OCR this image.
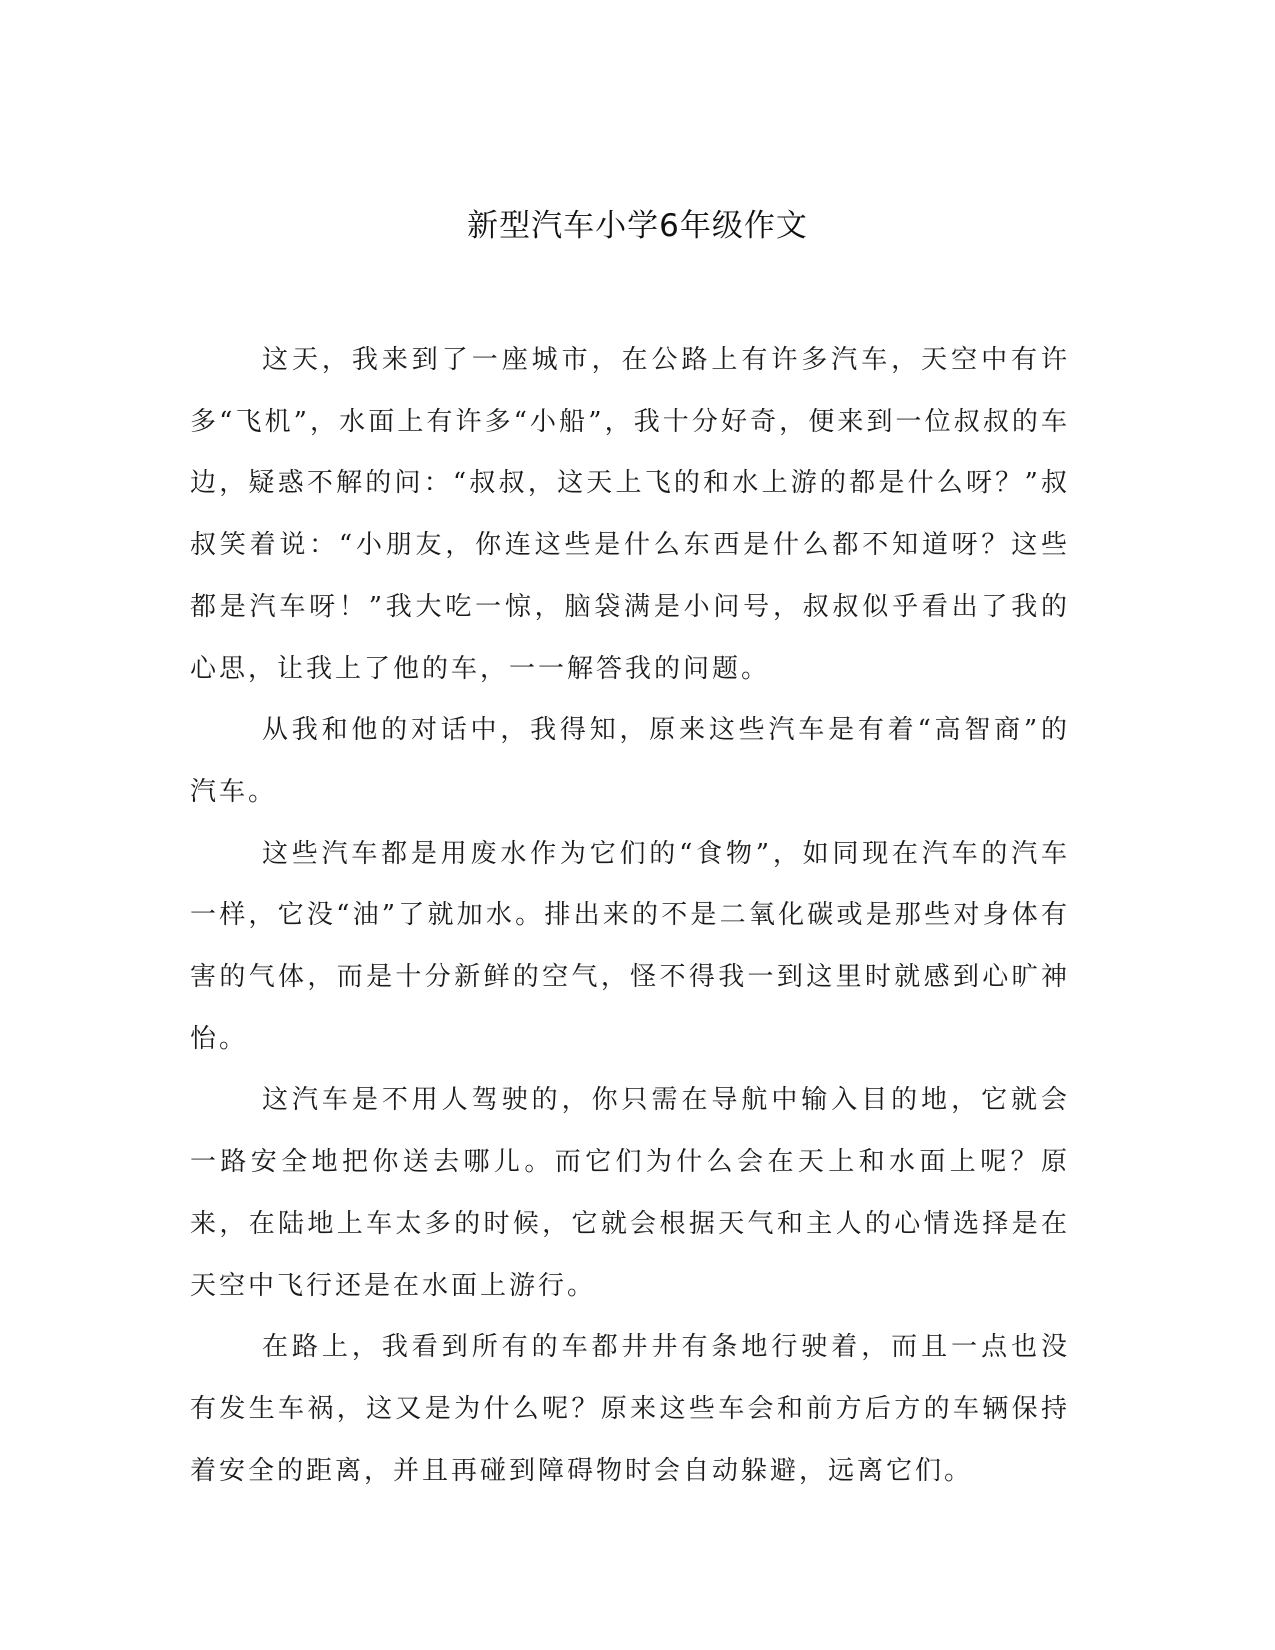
新型汽车小学6年级作文

这天，我来到了一座城市，在公路上有许多汽车，天空中有许多“飞机”，水面上有许多“小船”，我十分好奇，便来到一位叔叔的车边，疑惑不解的问：“叔叔，这天上飞的和水上游的都是什么呀？”叔叔笑着说：“小朋友，你连这些是什么东西是什么都不知道呀？这些都是汽车呀！”我大吃一惊，脑袋满是小问号，叔叔似乎看出了我的心思，让我上了他的车，一一解答我的问题。

从我和他的对话中，我得知，原来这些汽车是有着“高智商”的汽车。

这些汽车都是用废水作为它们的“食物”，如同现在汽车的汽车一样，它没“油”了就加水。排出来的不是二氧化碳或是那些对身体有害的气体，而是十分新鲜的空气，怪不得我一到这里时就感到心旷神怡。

这汽车是不用人驾驶的，你只需在导航中输入目的地，它就会一路安全地把你送去哪儿。而它们为什么会在天上和水面上呢？原来，在陆地上车太多的时候，它就会根据天气和主人的心情选择是在天空中飞行还是在水面上游行。

在路上，我看到所有的车都井井有条地行驶着，而且一点也没有发生车祸，这又是为什么呢？原来这些车会和前方后方的车辆保持着安全的距离，并且再碰到障碍物时会自动躲避，远离它们。
